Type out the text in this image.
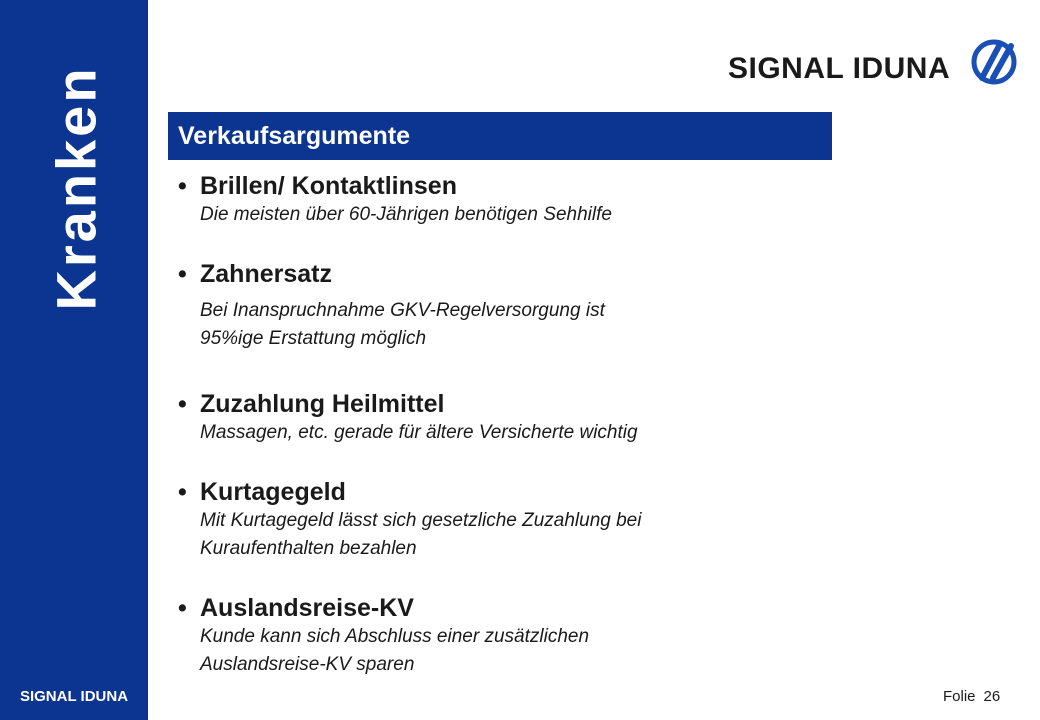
Kranken
SIGNAL IDUNA
SIGNAL IDUNA
Verkaufsargumente
• Brillen/ Kontaktlinsen
Die meisten über 60-Jährigen benötigen Sehhilfe
• Zahnersatz
Bei Inanspruchnahme GKV-Regelversorgung ist
95%ige Erstattung möglich
• Zuzahlung Heilmittel
Massagen, etc. gerade für ältere Versicherte wichtig
• Kurtagegeld
Mit Kurtagegeld lässt sich gesetzliche Zuzahlung bei
Kuraufenthalten bezahlen
• Auslandsreise-KV
Kunde kann sich Abschluss einer zusätzlichen
Auslandsreise-KV sparen
Folie 26
